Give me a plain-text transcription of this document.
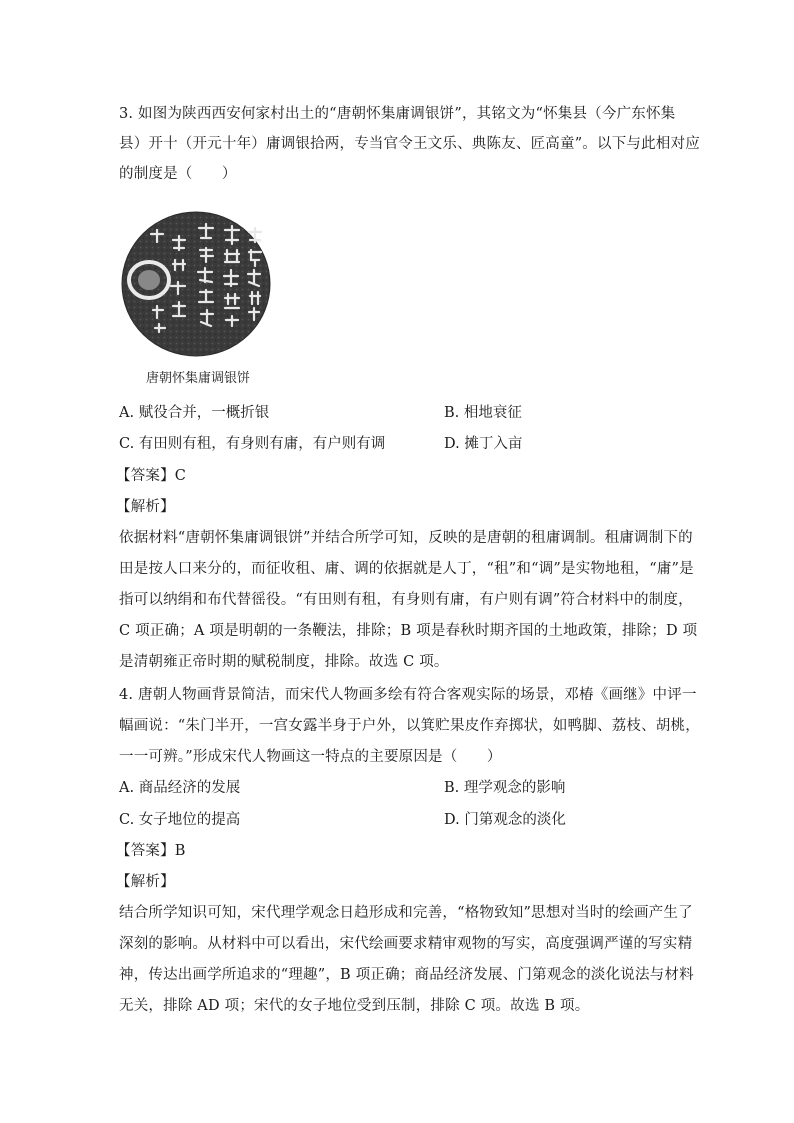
3. 如图为陕西西安何家村出土的“唐朝怀集庸调银饼”，其铭文为“怀集县（今广东怀集
县）开十（开元十年）庸调银拾两，专当官令王文乐、典陈友、匠高童”。以下与此相对应
的制度是（　　）
唐朝怀集庸调银饼
A. 赋役合并，一概折银	B. 相地衰征
C. 有田则有租，有身则有庸，有户则有调	D. 摊丁入亩
【答案】C
【解析】
依据材料“唐朝怀集庸调银饼”并结合所学可知，反映的是唐朝的租庸调制。租庸调制下的
田是按人口来分的，而征收租、庸、调的依据就是人丁，“租”和“调”是实物地租，“庸”是
指可以纳绢和布代替徭役。“有田则有租，有身则有庸，有户则有调”符合材料中的制度，
C 项正确；A 项是明朝的一条鞭法，排除；B 项是春秋时期齐国的土地政策，排除；D 项
是清朝雍正帝时期的赋税制度，排除。故选 C 项。
4. 唐朝人物画背景简洁，而宋代人物画多绘有符合客观实际的场景，邓椿《画继》中评一
幅画说：“朱门半开，一宫女露半身于户外，以箕贮果皮作弃掷状，如鸭脚、荔枝、胡桃，
一一可辨。”形成宋代人物画这一特点的主要原因是（　　）
A. 商品经济的发展	B. 理学观念的影响
C. 女子地位的提高	D. 门第观念的淡化
【答案】B
【解析】
结合所学知识可知，宋代理学观念日趋形成和完善，“格物致知”思想对当时的绘画产生了
深刻的影响。从材料中可以看出，宋代绘画要求精审观物的写实，高度强调严谨的写实精
神，传达出画学所追求的“理趣”，B 项正确；商品经济发展、门第观念的淡化说法与材料
无关，排除 AD 项；宋代的女子地位受到压制，排除 C 项。故选 B 项。
